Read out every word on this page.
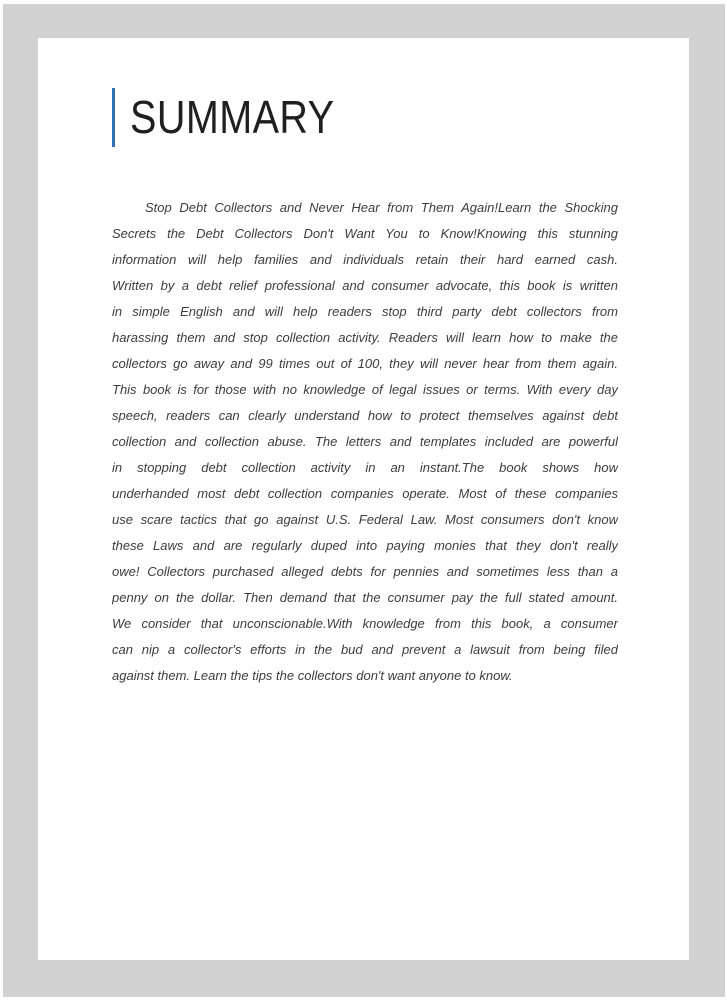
SUMMARY
Stop Debt Collectors and Never Hear from Them Again!Learn the Shocking
Secrets the Debt Collectors Don't Want You to Know!Knowing this stunning
information will help families and individuals retain their hard earned cash.
Written by a debt relief professional and consumer advocate, this book is written
in simple English and will help readers stop third party debt collectors from
harassing them and stop collection activity. Readers will learn how to make the
collectors go away and 99 times out of 100, they will never hear from them again.
This book is for those with no knowledge of legal issues or terms. With every day
speech, readers can clearly understand how to protect themselves against debt
collection and collection abuse. The letters and templates included are powerful
in stopping debt collection activity in an instant.The book shows how
underhanded most debt collection companies operate. Most of these companies
use scare tactics that go against U.S. Federal Law. Most consumers don't know
these Laws and are regularly duped into paying monies that they don't really
owe! Collectors purchased alleged debts for pennies and sometimes less than a
penny on the dollar. Then demand that the consumer pay the full stated amount.
We consider that unconscionable.With knowledge from this book, a consumer
can nip a collector's efforts in the bud and prevent a lawsuit from being filed
against them. Learn the tips the collectors don't want anyone to know.
